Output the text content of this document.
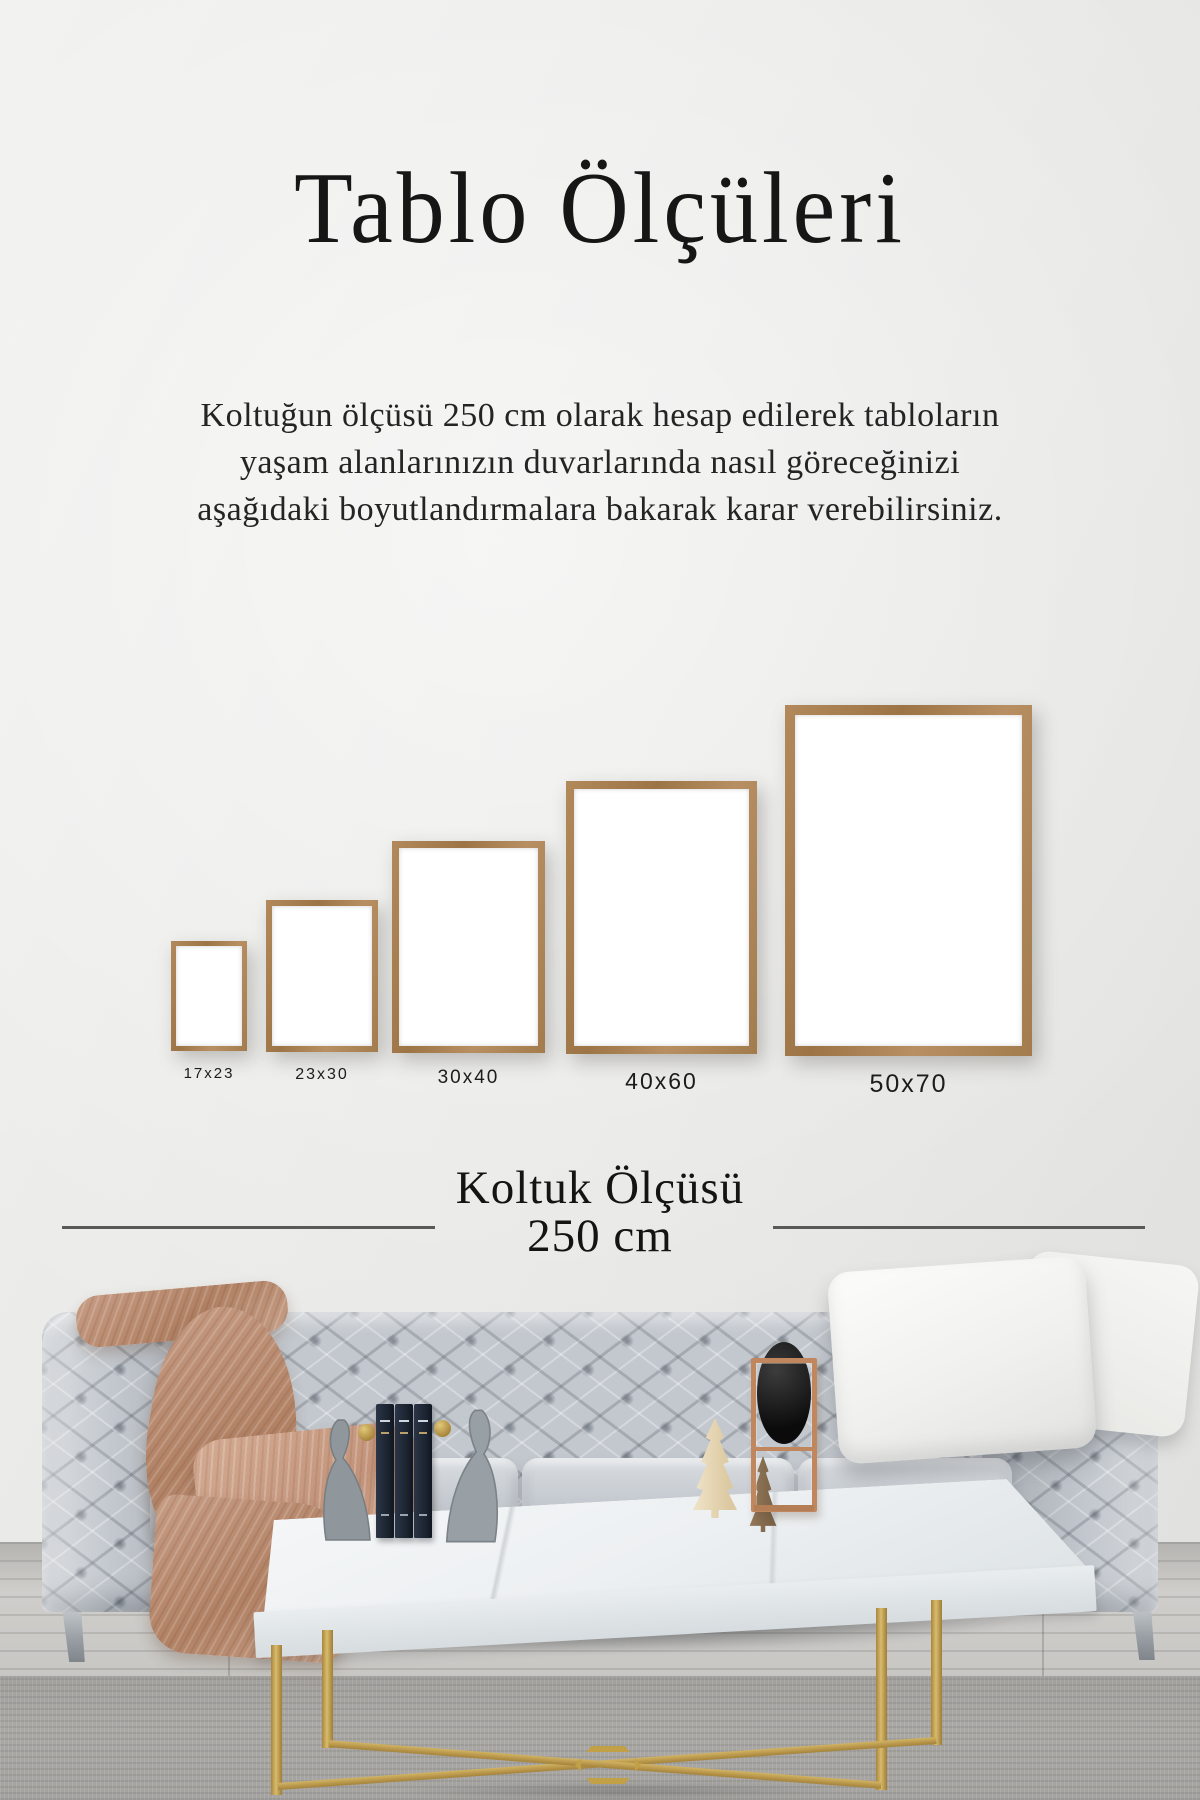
Tablo Ölçüleri

Koltuğun ölçüsü 250 cm olarak hesap edilerek tabloların

yaşam alanlarınızın duvarlarında nasıl göreceğinizi

aşağıdaki boyutlandırmalara bakarak karar verebilirsiniz.

17x23	23x30	30x40	40x60	50x70
Koltuk Ölçüsü
250 cm
